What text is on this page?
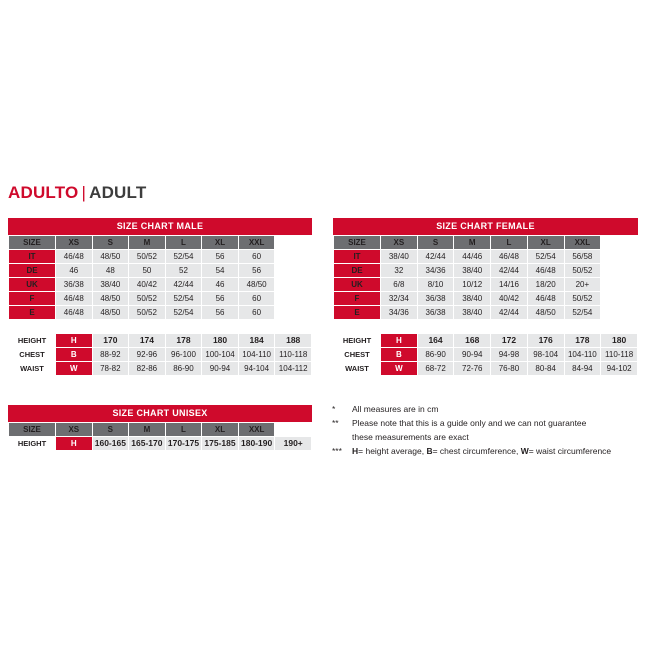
ADULTO | ADULT
SIZE CHART MALE
SIZE	XS	S	M	L	XL	XXL	
IT	46/48	48/50	50/52	52/54	56	60	
DE	46	48	50	52	54	56	
UK	36/38	38/40	40/42	42/44	46	48/50	
F	46/48	48/50	50/52	52/54	56	60	
E	46/48	48/50	50/52	52/54	56	60	

HEIGHT	H	170	174	178	180	184	188
CHEST	B	88-92	92-96	96-100	100-104	104-110	110-118
WAIST	W	78-82	82-86	86-90	90-94	94-104	104-112
SIZE CHART FEMALE
SIZE	XS	S	M	L	XL	XXL	
IT	38/40	42/44	44/46	46/48	52/54	56/58	
DE	32	34/36	38/40	42/44	46/48	50/52	
UK	6/8	8/10	10/12	14/16	18/20	20+	
F	32/34	36/38	38/40	40/42	46/48	50/52	
E	34/36	36/38	38/40	42/44	48/50	52/54	

HEIGHT	H	164	168	172	176	178	180
CHEST	B	86-90	90-94	94-98	98-104	104-110	110-118
WAIST	W	68-72	72-76	76-80	80-84	84-94	94-102
SIZE CHART UNISEX
SIZE	XS	S	M	L	XL	XXL	
HEIGHT	H	160-165	165-170	170-175	175-185	180-190	190+
*	All measures are in cm
**	Please note that this is a guide only and we can not guarantee
these measurements are exact
***	H= height average, B= chest circumference, W= waist circumference
